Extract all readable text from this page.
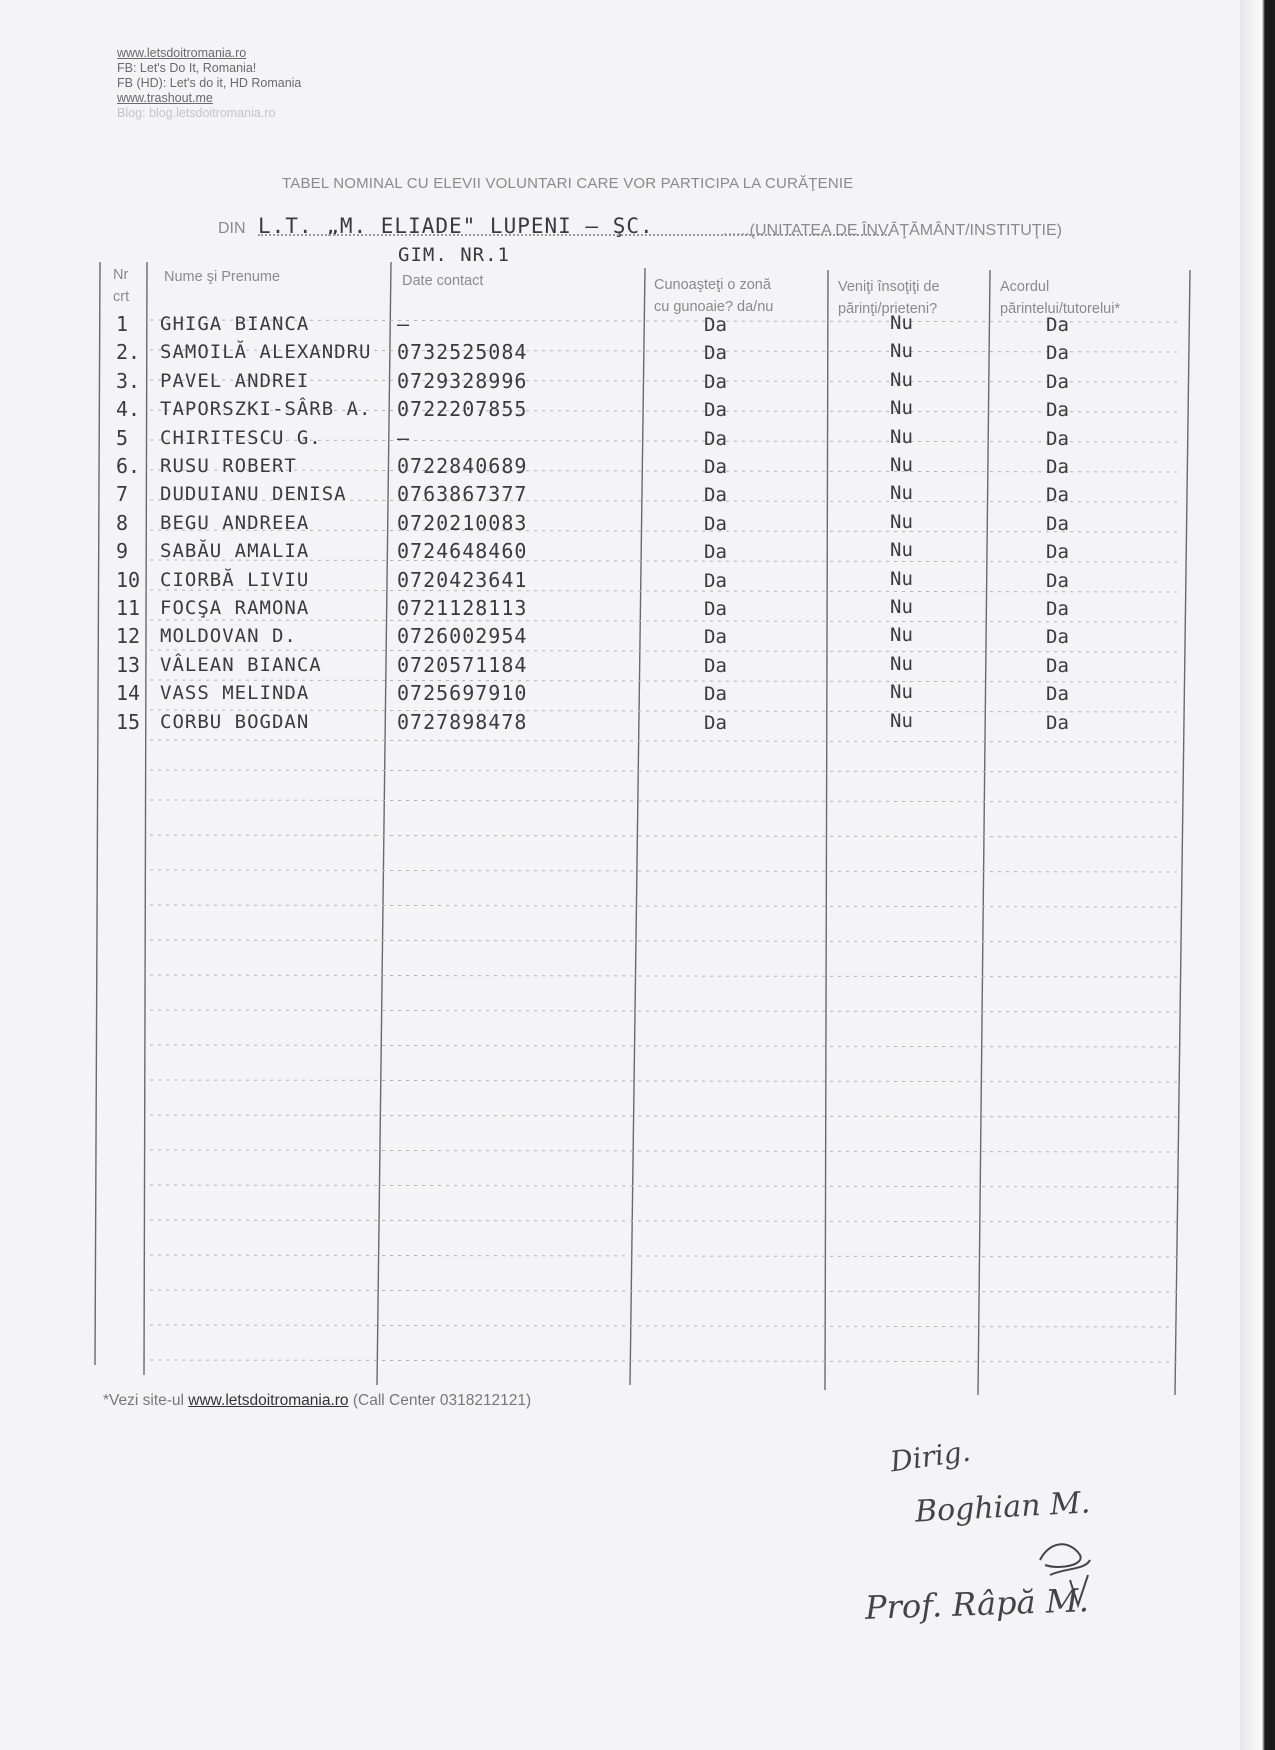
www.letsdoitromania.ro
FB: Let's Do It, Romania!
FB (HD): Let's do it, HD Romania
www.trashout.me
Blog: blog.letsdoitromania.ro
TABEL NOMINAL CU ELEVII VOLUNTARI CARE VOR PARTICIPA LA CURĂŢENIE
DIN L.T. „M. ELIADE" LUPENI – ŞC.	......(UNITATEA DE ÎNVĂŢĂMÂNT/INSTITUŢIE)
GIM. NR.1
Nr
crt
Nume şi Prenume	Date contact	Cunoaşteţi o zonă
cu gunoaie? da/nu
Veniţi însoţiţi de
părinţi/prieteni?
Acordul
părintelui/tutorelui*
1 GHIGA BIANCA	—	Da	Nu	Da
2. SAMOILĂ ALEXANDRU 0732525084	Da	Nu	Da
3. PAVEL ANDREI	0729328996	Da	Nu	Da
4. TAPORSZKI-SÂRB A. 0722207855	Da	Nu	Da
5 CHIRITESCU G.	—	Da	Nu	Da
6. RUSU ROBERT	0722840689	Da	Nu	Da
7 DUDUIANU DENISA	0763867377	Da	Nu	Da
8 BEGU ANDREEA	0720210083	Da	Nu	Da
9 SABĂU AMALIA	0724648460	Da	Nu	Da
10 CIORBĂ LIVIU	0720423641	Da	Nu	Da
11 FOCŞA RAMONA	0721128113	Da	Nu	Da
12 MOLDOVAN D.	0726002954	Da	Nu	Da
13 VÂLEAN BIANCA	0720571184	Da	Nu	Da
14 VASS MELINDA	0725697910	Da	Nu	Da
15 CORBU BOGDAN	0727898478	Da	Nu	Da
*Vezi site-ul www.letsdoitromania.ro (Call Center 0318212121)
Dirig.
Boghian M.
Prof. Râpă M.
